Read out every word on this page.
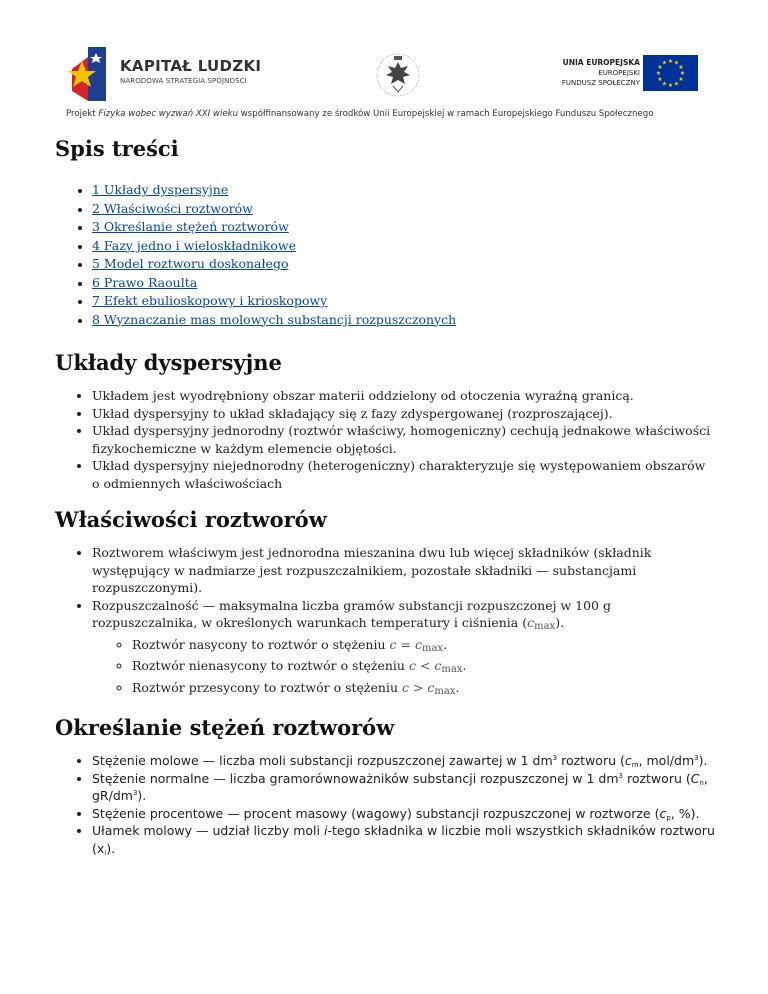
KAPITAŁ LUDZKI
NARODOWA STRATEGIA SPÓJNOŚCI
UNIA EUROPEJSKA
EUROPEJSKI
FUNDUSZ SPOŁECZNY
★ ★
★
★
★
★
★
★
★
★
★
★
Projekt Fizyka wobec wyzwań XXI wieku współfinansowany ze środków Unii Europejskiej w ramach Europejskiego Funduszu Społecznego
Spis treści
• 1 Układy dyspersyjne
• 2 Właściwości roztworów
• 3 Określanie stężeń roztworów
• 4 Fazy jedno i wieloskładnikowe
• 5 Model roztworu doskonałego
• 6 Prawo Raoulta
• 7 Efekt ebulioskopowy i krioskopowy
• 8 Wyznaczanie mas molowych substancji rozpuszczonych
Układy dyspersyjne
• Układem jest wyodrębniony obszar materii oddzielony od otoczenia wyraźną granicą.
• Układ dyspersyjny to układ składający się z fazy zdyspergowanej (rozproszającej).
• Układ dyspersyjny jednorodny (roztwór właściwy, homogeniczny) cechują jednakowe właściwości fizykochemiczne w każdym elemencie objętości.
• Układ dyspersyjny niejednorodny (heterogeniczny) charakteryzuje się występowaniem obszarów o odmiennych właściwościach
Właściwości roztworów
• Roztworem właściwym jest jednorodna mieszanina dwu lub więcej składników (składnik występujący w nadmiarze jest rozpuszczalnikiem, pozostałe składniki — substancjami rozpuszczonymi).
• Rozpuszczalność — maksymalna liczba gramów substancji rozpuszczonej w 100 g rozpuszczalnika, w określonych warunkach temperatury i ciśnienia $(c_{max})$.
◦ Roztwór nasycony to roztwór o stężeniu $c = c_{max}$.
◦ Roztwór nienasycony to roztwór o stężeniu $c < c_{max}$.
◦ Roztwór przesycony to roztwór o stężeniu $c > c_{max}$.
Określanie stężeń roztworów
• Stężenie molowe — liczba moli substancji rozpuszczonej zawartej w 1 $dm^3$ roztworu ($c_m$, mol/$dm^3$).
• Stężenie normalne — liczba gramorównoważników substancji rozpuszczonej w 1 $dm^3$ roztworu ($C_n$, $gR/dm^3$).
• Stężenie procentowe — procent masowy (wagowy) substancji rozpuszczonej w roztworze ($c_p$, %).
• Ułamek molowy — udział liczby moli i-tego składnika w liczbie moli wszystkich składników roztworu $(x_i)$.
